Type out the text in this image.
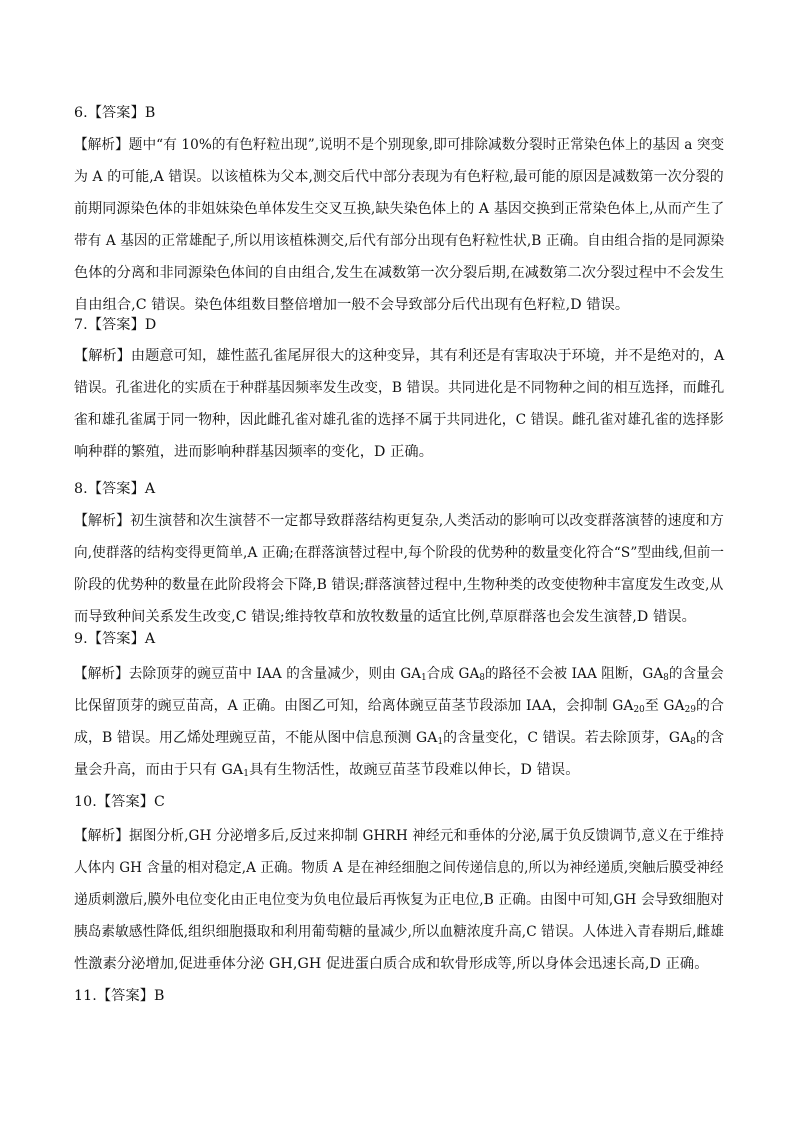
6.【答案】B
【解析】题中“有 10%的有色籽粒出现”,说明不是个别现象,即可排除减数分裂时正常染色体上的基因 a 突变
为 A 的可能,A 错误。以该植株为父本,测交后代中部分表现为有色籽粒,最可能的原因是减数第一次分裂的
前期同源染色体的非姐妹染色单体发生交叉互换,缺失染色体上的 A 基因交换到正常染色体上,从而产生了
带有 A 基因的正常雄配子,所以用该植株测交,后代有部分出现有色籽粒性状,B 正确。自由组合指的是同源染
色体的分离和非同源染色体间的自由组合,发生在减数第一次分裂后期,在减数第二次分裂过程中不会发生
自由组合,C 错误。染色体组数目整倍增加一般不会导致部分后代出现有色籽粒,D 错误。
7.【答案】D
【解析】由题意可知，雄性蓝孔雀尾屏很大的这种变异，其有利还是有害取决于环境，并不是绝对的，A
错误。孔雀进化的实质在于种群基因频率发生改变，B 错误。共同进化是不同物种之间的相互选择，而雌孔
雀和雄孔雀属于同一物种，因此雌孔雀对雄孔雀的选择不属于共同进化，C 错误。雌孔雀对雄孔雀的选择影
响种群的繁殖，进而影响种群基因频率的变化，D 正确。
8.【答案】A
【解析】初生演替和次生演替不一定都导致群落结构更复杂,人类活动的影响可以改变群落演替的速度和方
向,使群落的结构变得更简单,A 正确;在群落演替过程中,每个阶段的优势种的数量变化符合“S”型曲线,但前一
阶段的优势种的数量在此阶段将会下降,B 错误;群落演替过程中,生物种类的改变使物种丰富度发生改变,从
而导致种间关系发生改变,C 错误;维持牧草和放牧数量的适宜比例,草原群落也会发生演替,D 错误。
9.【答案】A
【解析】去除顶芽的豌豆苗中 IAA 的含量减少，则由 $GA_1$合成 $GA_8$的路径不会被 IAA 阻断，$GA_8$的含量会
比保留顶芽的豌豆苗高，A 正确。由图乙可知，给离体豌豆苗茎节段添加 IAA，会抑制 $GA_{20}$至 $GA_{29}$的合
成，B 错误。用乙烯处理豌豆苗，不能从图中信息预测 $GA_1$的含量变化，C 错误。若去除顶芽，$GA_8$的含
量会升高，而由于只有 $GA_1$具有生物活性，故豌豆苗茎节段难以伸长，D 错误。
10.【答案】C
【解析】据图分析,GH 分泌增多后,反过来抑制 GHRH 神经元和垂体的分泌,属于负反馈调节,意义在于维持
人体内 GH 含量的相对稳定,A 正确。物质 A 是在神经细胞之间传递信息的,所以为神经递质,突触后膜受神经
递质刺激后,膜外电位变化由正电位变为负电位最后再恢复为正电位,B 正确。由图中可知,GH 会导致细胞对
胰岛素敏感性降低,组织细胞摄取和利用葡萄糖的量减少,所以血糖浓度升高,C 错误。人体进入青春期后,雌雄
性激素分泌增加,促进垂体分泌 GH,GH 促进蛋白质合成和软骨形成等,所以身体会迅速长高,D 正确。
11.【答案】B
